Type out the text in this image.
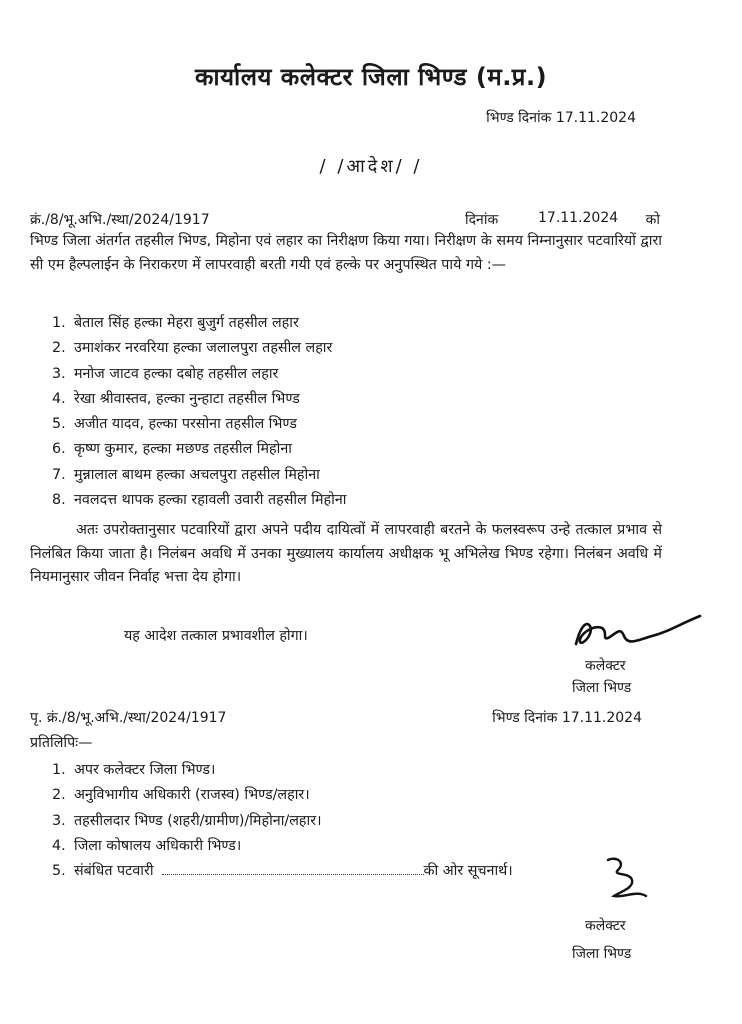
कार्यालय कलेक्टर जिला भिण्ड (म.प्र.)
भिण्ड दिनांक 17.11.2024
/ /आदेश/ /
क्रं./8/भू.अभि./स्था/2024/1917	दिनांक	17.11.2024 को
भिण्ड जिला अंतर्गत तहसील भिण्ड, मिहोना एवं लहार का निरीक्षण किया गया। निरीक्षण के समय निम्नानुसार पटवारियों द्वारा सी एम हैल्पलाईन के निराकरण में लापरवाही बरती गयी एवं हल्के पर अनुपस्थित पाये गये :—
1. बेताल सिंह हल्का मेहरा बुजुर्ग तहसील लहार
2. उमाशंकर नरवरिया हल्का जलालपुरा तहसील लहार
3. मनोज जाटव हल्का दबोह तहसील लहार
4. रेखा श्रीवास्तव, हल्का नुन्हाटा तहसील भिण्ड
5. अजीत यादव, हल्का परसोना तहसील भिण्ड
6. कृष्ण कुमार, हल्का मछण्ड तहसील मिहोना
7. मुन्नालाल बाथम हल्का अचलपुरा तहसील मिहोना
8. नवलदत्त थापक हल्का रहावली उवारी तहसील मिहोना
अतः उपरोक्तानुसार पटवारियों द्वारा अपने पदीय दायित्वों में लापरवाही बरतने के फलस्वरूप उन्हे तत्काल प्रभाव से निलंबित किया जाता है। निलंबन अवधि में उनका मुख्यालय कार्यालय अधीक्षक भू अभिलेख भिण्ड रहेगा। निलंबन अवधि में नियमानुसार जीवन निर्वाह भत्ता देय होगा।
यह आदेश तत्काल प्रभावशील होगा।
कलेक्टर
जिला भिण्ड
पृ. क्रं./8/भू.अभि./स्था/2024/1917	भिण्ड दिनांक 17.11.2024
प्रतिलिपिः—
1. अपर कलेक्टर जिला भिण्ड।
2. अनुविभागीय अधिकारी (राजस्व) भिण्ड/लहार।
3. तहसीलदार भिण्ड (शहरी/ग्रामीण)/मिहोना/लहार।
4. जिला कोषालय अधिकारी भिण्ड।
5. संबंधित पटवारी	की ओर सूचनार्थ।
कलेक्टर
जिला भिण्ड
